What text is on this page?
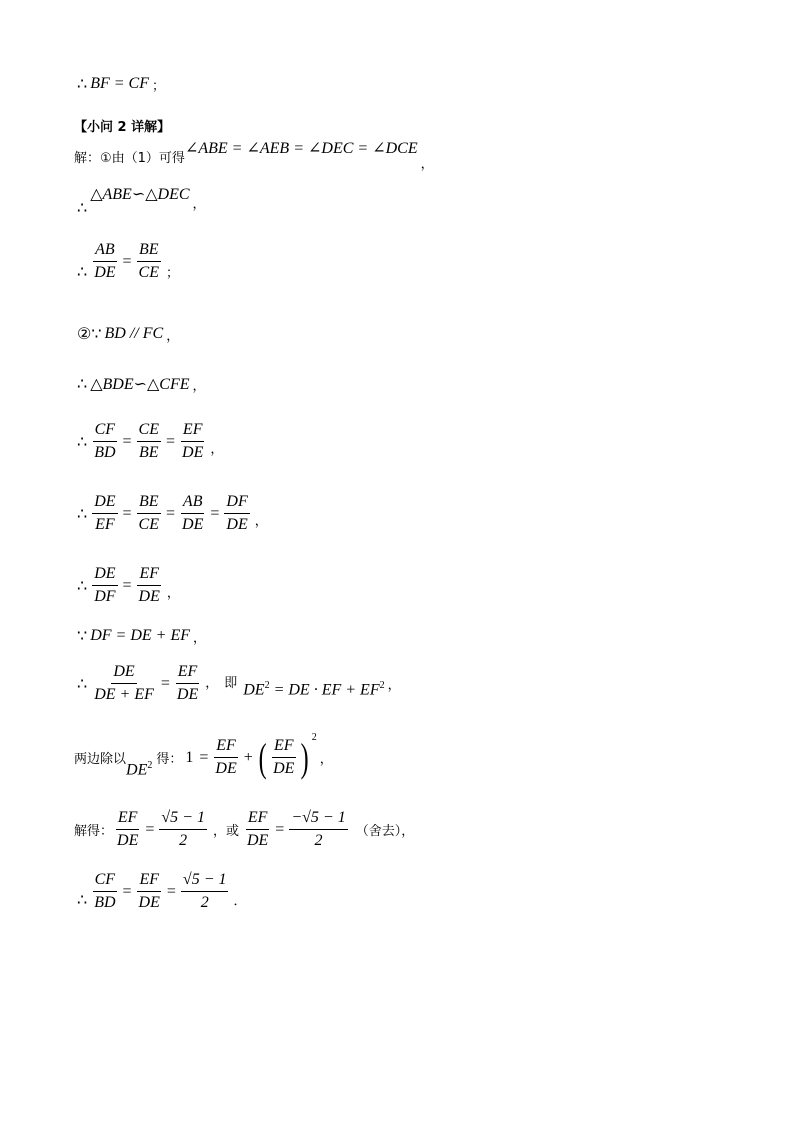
∴ BF = CF ；
【小问 2 详解】
解：①由（1）可得
∠ABE = ∠AEB = ∠DEC = ∠DCE
，
∴
△ABE∽△DEC
，
∴ $\frac{AB}{DE} = \frac{BE}{CE}$ ；
②∵ BD // FC ，
∴ △BDE∽△CFE ，
∴ $\frac{CF}{BD} = \frac{CE}{BE} = \frac{EF}{DE}$ ，
∴ $\frac{DE}{EF} = \frac{BE}{CE} = \frac{AB}{DE} = \frac{DF}{DE}$ ，
∴ $\frac{DE}{DF} = \frac{EF}{DE}$ ，
∵ DF = DE + EF ，
∴ $\frac{DE}{DE + EF} = \frac{EF}{DE}$ ， 即 $DE^2$ = DE · EF + $EF^2$ ，
两边除以
$DE^2$ 得： $1 = \frac{EF}{DE}$ + ( $\frac{EF}{DE}$ ) 2
，
解得： $\frac{EF}{DE} = \frac{√5 - 1}{2}$ ，或 $\frac{EF}{DE} = \frac{-√5 - 1}{2}$ （舍去），
∴ $\frac{CF}{BD} = \frac{EF}{DE} = \frac{√5 - 1}{2}$ ．
